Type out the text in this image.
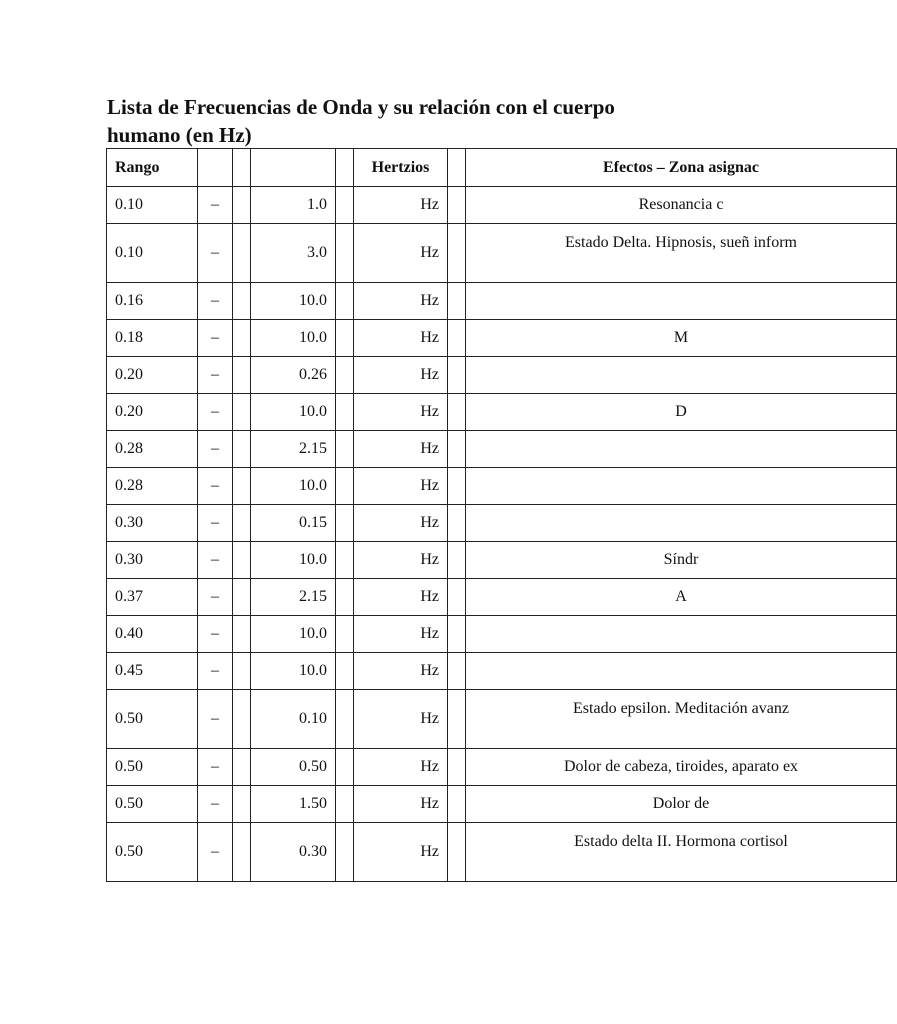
Lista de Frecuencias de Onda y su relación con el cuerpo humano (en Hz)
Rango					Hertzios		Efectos – Zona asignac
0.10	–		1.0		Hz		Resonancia c
0.10	–		3.0		Hz		Estado Delta. Hipnosis, sueñ inform
0.16	–		10.0		Hz		
0.18	–		10.0		Hz		M
0.20	–		0.26		Hz		
0.20	–		10.0		Hz		D
0.28	–		2.15		Hz		
0.28	–		10.0		Hz		
0.30	–		0.15		Hz		
0.30	–		10.0		Hz		Síndr
0.37	–		2.15		Hz		A
0.40	–		10.0		Hz		
0.45	–		10.0		Hz		
0.50	–		0.10		Hz		Estado epsilon. Meditación avanz
0.50	–		0.50		Hz		Dolor de cabeza, tiroides, aparato ex
0.50	–		1.50		Hz		Dolor de
0.50	–		0.30		Hz		Estado delta II. Hormona cortisol
